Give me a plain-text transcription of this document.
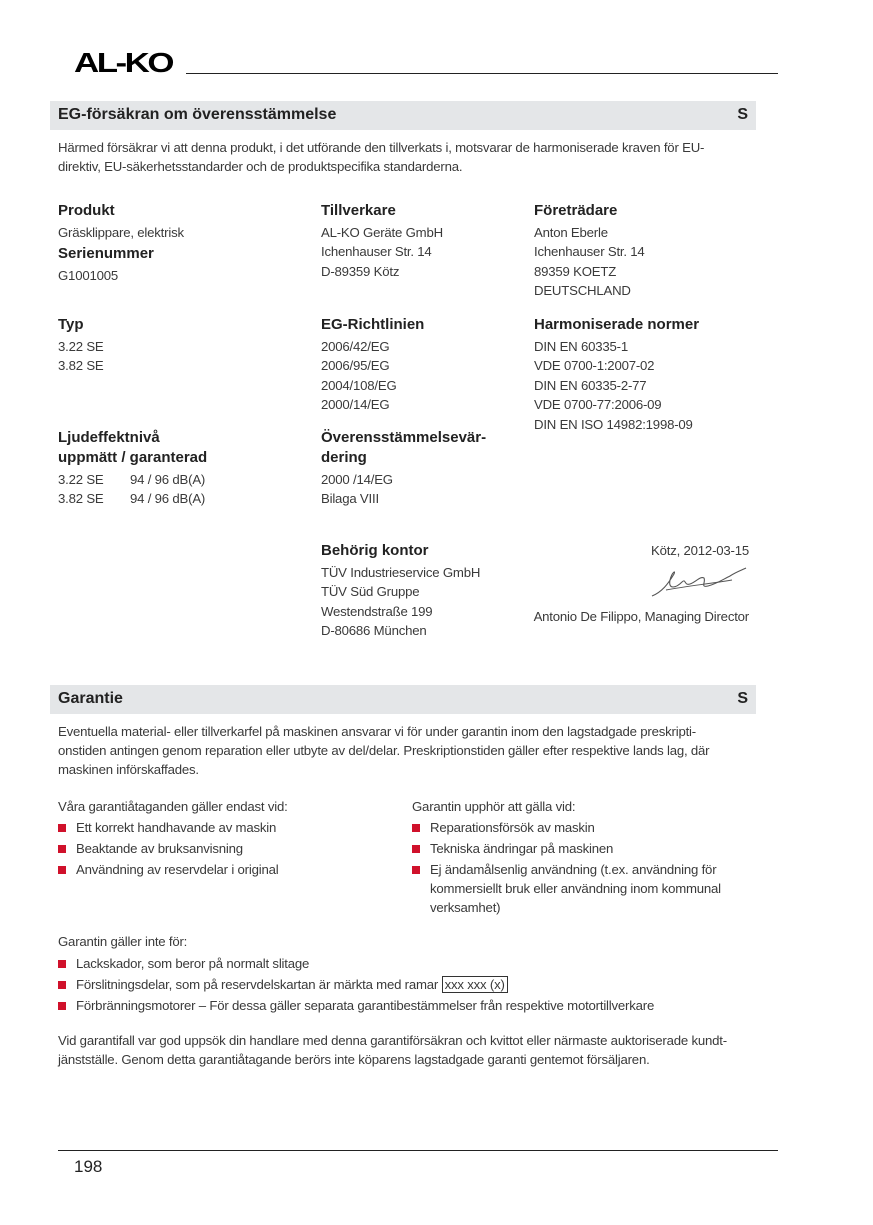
AL-KO
EG-försäkran om överensstämmelse	S
Härmed försäkrar vi att denna produkt, i det utförande den tillverkats i, motsvarar de harmoniserade kraven för EU-
direktiv, EU-säkerhetsstandarder och de produktspecifika standarderna.
Produkt
Gräsklippare, elektrisk
Serienummer
G1001005
Typ
3.22 SE
3.82 SE
Ljudeffektnivå
uppmätt / garanterad
3.22 SE 94 / 96 dB(A)
3.82 SE 94 / 96 dB(A)
Tillverkare
AL-KO Geräte GmbH
Ichenhauser Str. 14
D-89359 Kötz
EG-Richtlinien
2006/42/EG
2006/95/EG
2004/108/EG
2000/14/EG
Överensstämmelsevär-
dering
2000 /14/EG
Bilaga VIII
Behörig kontor
TÜV Industrieservice GmbH
TÜV Süd Gruppe
Westendstraße 199
D-80686 München
Företrädare
Anton Eberle
Ichenhauser Str. 14
89359 KOETZ
DEUTSCHLAND
Harmoniserade normer
DIN EN 60335-1
VDE 0700-1:2007-02
DIN EN 60335-2-77
VDE 0700-77:2006-09
DIN EN ISO 14982:1998-09
Kötz, 2012-03-15
Antonio De Filippo, Managing Director
Garantie	S
Eventuella material- eller tillverkarfel på maskinen ansvarar vi för under garantin inom den lagstadgade preskripti-
onstiden antingen genom reparation eller utbyte av del/delar. Preskriptionstiden gäller efter respektive lands lag, där
maskinen införskaffades.
Våra garantiåtaganden gäller endast vid:
Ett korrekt handhavande av maskin
Beaktande av bruksanvisning
Användning av reservdelar i original
Garantin upphör att gälla vid:
Reparationsförsök av maskin
Tekniska ändringar på maskinen
Ej ändamålsenlig användning (t.ex. användning för
kommersiellt bruk eller användning inom kommunal
verksamhet)
Garantin gäller inte för:
Lackskador, som beror på normalt slitage
Förslitningsdelar, som på reservdelskartan är märkta med ramar xxx xxx (x)
Förbränningsmotorer – För dessa gäller separata garantibestämmelser från respektive motortillverkare
Vid garantifall var god uppsök din handlare med denna garantiförsäkran och kvittot eller närmaste auktoriserade kundt-
jänstställe. Genom detta garantiåtagande berörs inte köparens lagstadgade garanti gentemot försäljaren.
198
